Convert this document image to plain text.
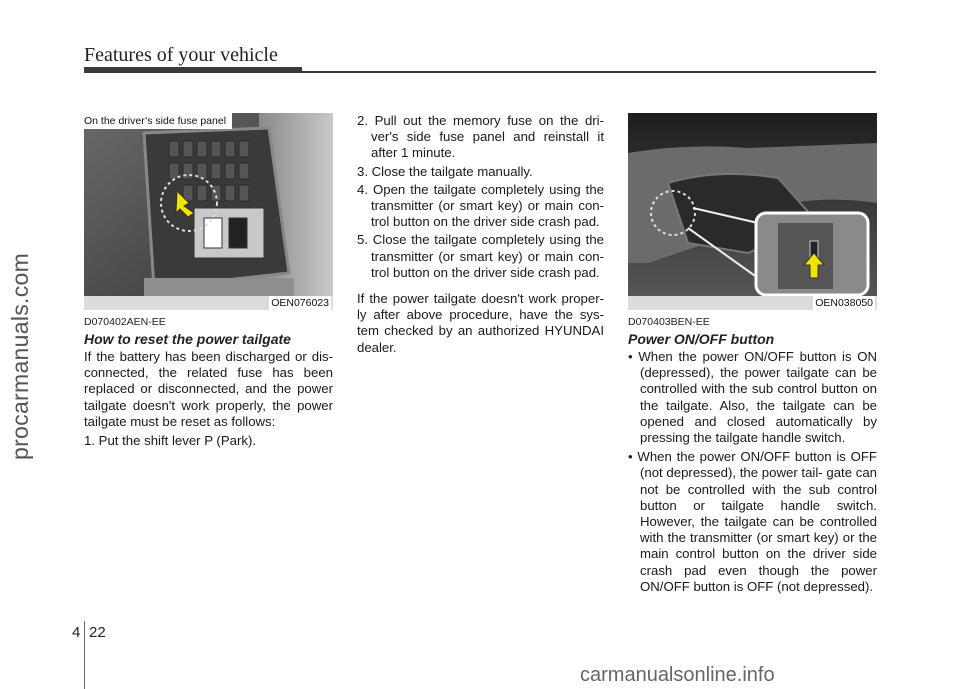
Features of your vehicle
procarmanuals.com
On the driver’s side fuse panel
OEN076023
D070402AEN-EE
How to reset the power tailgate
If the battery has been discharged or dis- connected, the related fuse has been replaced or disconnected, and the power tailgate doesn't work properly, the power tailgate must be reset as follows:
1. Put the shift lever P (Park).
2. Pull out the memory fuse on the dri- ver's side fuse panel and reinstall it after 1 minute.
3. Close the tailgate manually.
4. Open the tailgate completely using the transmitter (or smart key) or main con- trol button on the driver side crash pad.
5. Close the tailgate completely using the transmitter (or smart key) or main con- trol button on the driver side crash pad.
If the power tailgate doesn't work proper- ly after above procedure, have the sys- tem checked by an authorized HYUNDAI dealer.
OEN038050
D070403BEN-EE
Power ON/OFF button
• When the power ON/OFF button is ON (depressed), the power tailgate can be controlled with the sub control button on the tailgate. Also, the tailgate can be opened and closed automatically by pressing the tailgate handle switch.
• When the power ON/OFF button is OFF (not depressed), the power tail- gate can not be controlled with the sub control button or tailgate handle switch. However, the tailgate can be controlled with the transmitter (or smart key) or the main control button on the driver side crash pad even though the power ON/OFF button is OFF (not depressed).
4 22
carmanualsonline.info
